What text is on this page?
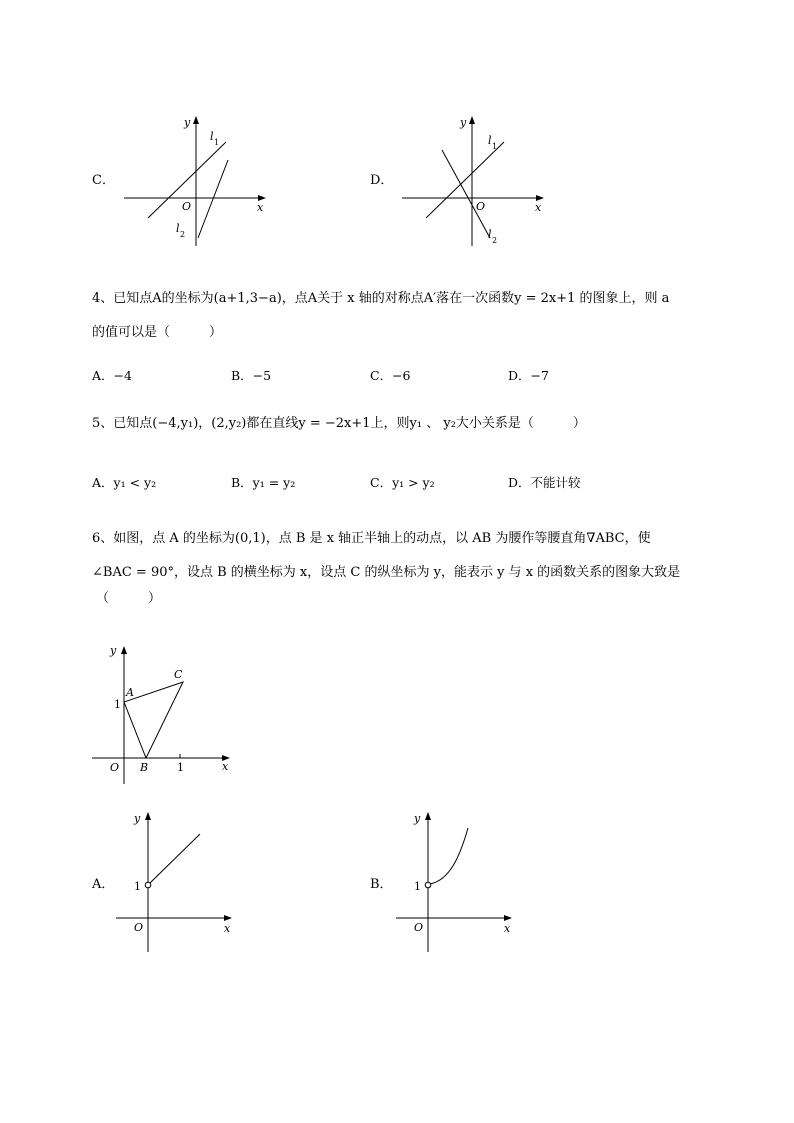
C．
x
y
O
l 1
l 2
D．
x
y
O
l 1
l 2
4、已知点A的坐标为(a+1,3−a)，点A关于 x 轴的对称点A′落在一次函数y = 2x+1 的图象上，则 a
的值可以是（　　　）
A．−4	B．−5	C．−6	D．−7
5、已知点(−4,y₁)，(2,y₂)都在直线y = −2x+1上，则y₁ 、 y₂大小关系是（　　　）
A．y₁ < y₂	B．y₁ = y₂	C．y₁ > y₂	D．不能计较
6、如图，点 A 的坐标为(0,1)，点 B 是 x 轴正半轴上的动点，以 AB 为腰作等腰直角∇ABC，使
∠BAC = 90°，设点 B 的横坐标为 x，设点 C 的纵坐标为 y，能表示 y 与 x 的函数关系的图象大致是
（　　　）
y
x
O
A
B
C
1
1
A．
y
x
O
1	B．
y
x
O
1
